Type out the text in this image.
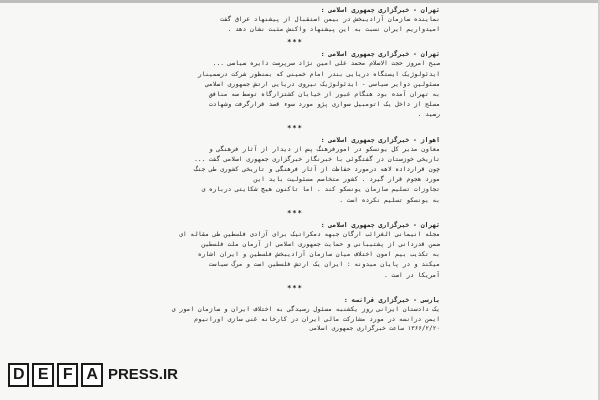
تهران - خبرگزاری جمهوری اسلامی :
نماینده سازمان آزادیبخش در بیمن استقبال از پیشنهاد عراق گفت
امیدواریم ایران نسبت به این پیشنهاد واکنش مثبت نشان دهد .
***
تهران - خبرگزاری جمهوری اسلامی :
صبح امروز حجت الاسلام محمد علی امین نژاد سرپرست دایره سیاسی ...
ایدئولوژیک ایستگاه دریایی بندر امام خمینی که بمنظور شرکت درسمینار
مسئولین دوایر سیاسی - ایدئولوژیک نیروی دریایی ارتش جمهوری اسلامی
به تهران آمده بود هنگام عبور از خیابان کشتزارگاه توسط سه منافق
مسلح از داخل یک اتومبیل سواری پژو مورد سوء قصد قرارگرفت وشهادت
رسید .
***
اهواز - خبرگزاری جمهوری اسلامی :
معاون مدیر کل یونسکو در امورفرهنگ پس از دیدار از آثار فرهنگی و
تاریخی خوزستان در گفتگوئی با خبرنگار خبرگزاری جمهوری اسلامی گفت ...
چون قرارداده لاهه درمورد حفاظت از آثار فرهنگی و تاریخی کشوری طی جنگ
مورد هجوم قرار گیرد . کشور متخاصم مسئولیت باید این
تجاوزات تسلیم سازمان یونسکو کند . اما تاکنون هیچ شکایتی درباره ی
به یونسکو تسلیم نکرده است .
***
تهران - خبرگزاری جمهوری اسلامی :
مجله انیمانی الغرائب ارگان جبهه دمکراتیک برای آزادی فلسطین طی مقاله ای
ضمن قدردانی از پشتیبانی و حمایت جمهوری اسلامی از آرمان ملت فلسطین
به تکذیب بیم امون اختلاف میان سازمان آزادیبخش فلسطین و ایران اشاره
میکند و در پایان میدونه : ایران یک ارتش فلسطین است و مرگ سیاست
آمریکا در است .
***
بارسی - خبرگزاری فرانسه :
یک دادستان ایرانی روز یکشنبه مسئول رسیدگی به اختلاف ایران و سازمان امور ی
ایمن درانسه در مورد مشارکت مالی ایران در کارخانه غنی سازی اورانیوم
۱۳۶۶/۲/۲۰ ساعت خبرگزاری جمهوری اسلامی
D E F A PRESS.IR
